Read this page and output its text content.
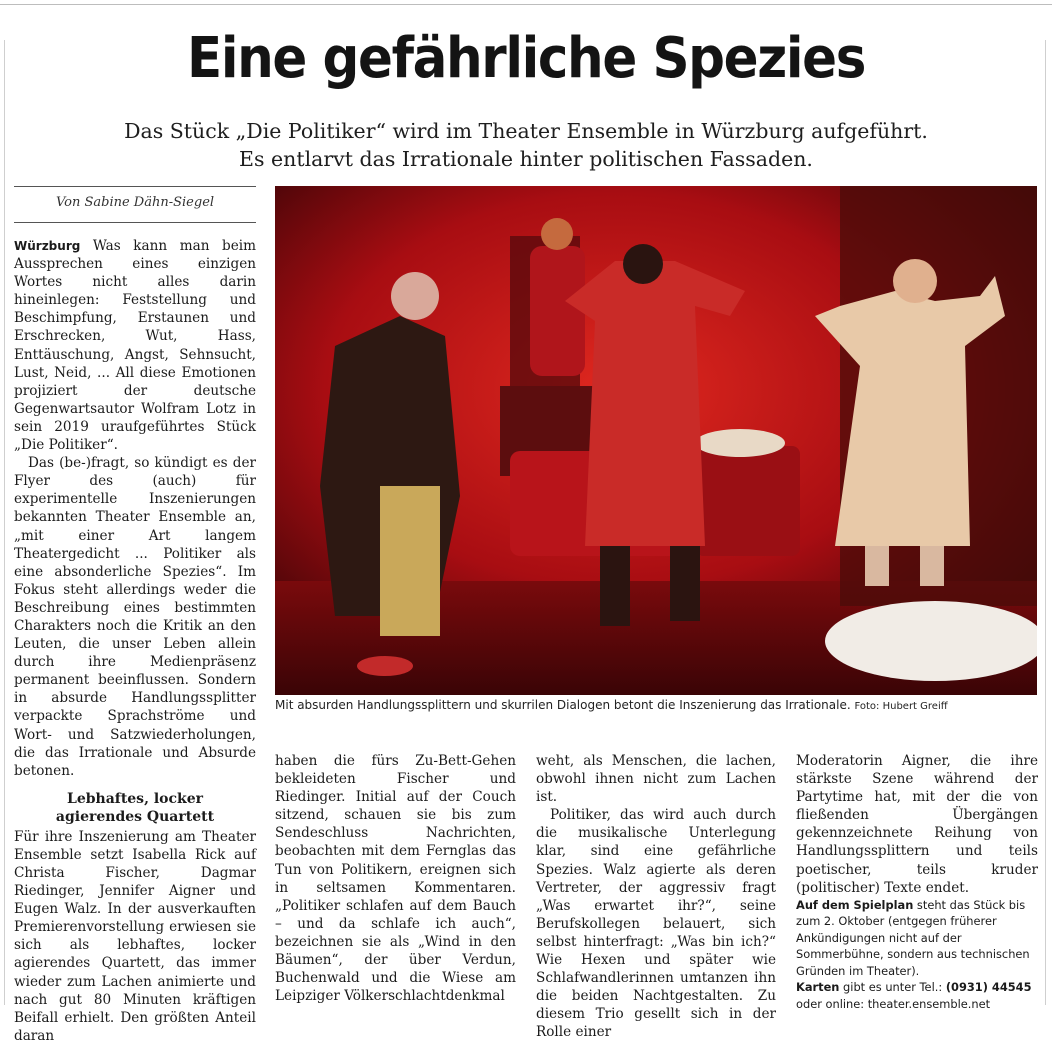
Eine gefährliche Spezies
Das Stück „Die Politiker“ wird im Theater Ensemble in Würzburg aufgeführt.
Es entlarvt das Irrationale hinter politischen Fassaden.
Von Sabine Dähn-Siegel

Würzburg Was kann man beim Aussprechen eines einzigen Wortes nicht alles darin hineinlegen: Feststellung und Beschimpfung, Erstaunen und Erschrecken, Wut, Hass, Enttäuschung, Angst, Sehnsucht, Lust, Neid, ... All diese Emotionen projiziert der deutsche Gegenwartsautor Wolfram Lotz in sein 2019 uraufgeführtes Stück „Die Politiker“.

Das (be-)fragt, so kündigt es der Flyer des (auch) für experimentelle Inszenierungen bekannten Theater Ensemble an, „mit einer Art langem Theatergedicht ... Politiker als eine absonderliche Spezies“. Im Fokus steht allerdings weder die Beschreibung eines bestimmten Charakters noch die Kritik an den Leuten, die unser Leben allein durch ihre Medienpräsenz permanent beeinflussen. Sondern in absurde Handlungssplitter verpackte Sprachströme und Wort- und Satzwiederholungen, die das Irrationale und Absurde betonen.

Lebhaftes, locker
agierendes Quartett

Für ihre Inszenierung am Theater Ensemble setzt Isabella Rick auf Christa Fischer, Dagmar Riedinger, Jennifer Aigner und Eugen Walz. In der ausverkauften Premierenvorstellung erwiesen sie sich als lebhaftes, locker agierendes Quartett, das immer wieder zum Lachen animierte und nach gut 80 Minuten kräftigen Beifall erhielt. Den größten Anteil daran

Mit absurden Handlungssplittern und skurrilen Dialogen betont die Inszenierung das Irrationale. Foto: Hubert Greiff

haben die fürs Zu-Bett-Gehen bekleideten Fischer und Riedinger. Initial auf der Couch sitzend, schauen sie bis zum Sendeschluss Nachrichten, beobachten mit dem Fernglas das Tun von Politikern, ereignen sich in seltsamen Kommentaren. „Politiker schlafen auf dem Bauch – und da schlafe ich auch“, bezeichnen sie als „Wind in den Bäumen“, der über Verdun, Buchenwald und die Wiese am Leipziger Völkerschlachtdenkmal

weht, als Menschen, die lachen, obwohl ihnen nicht zum Lachen ist.

Politiker, das wird auch durch die musikalische Unterlegung klar, sind eine gefährliche Spezies. Walz agierte als deren Vertreter, der aggressiv fragt „Was erwartet ihr?“, seine Berufskollegen belauert, sich selbst hinterfragt: „Was bin ich?“ Wie Hexen und später wie Schlafwandlerinnen umtanzen ihn die beiden Nachtgestalten. Zu diesem Trio gesellt sich in der Rolle einer

Moderatorin Aigner, die ihre stärkste Szene während der Partytime hat, mit der die von fließenden Übergängen gekennzeichnete Reihung von Handlungssplittern und teils poetischer, teils kruder (politischer) Texte endet.

Auf dem Spielplan steht das Stück bis zum 2. Oktober (entgegen früherer Ankündigungen nicht auf der Sommerbühne, sondern aus technischen Gründen im Theater).
Karten gibt es unter Tel.: (0931) 44545 oder online: theater.ensemble.net
